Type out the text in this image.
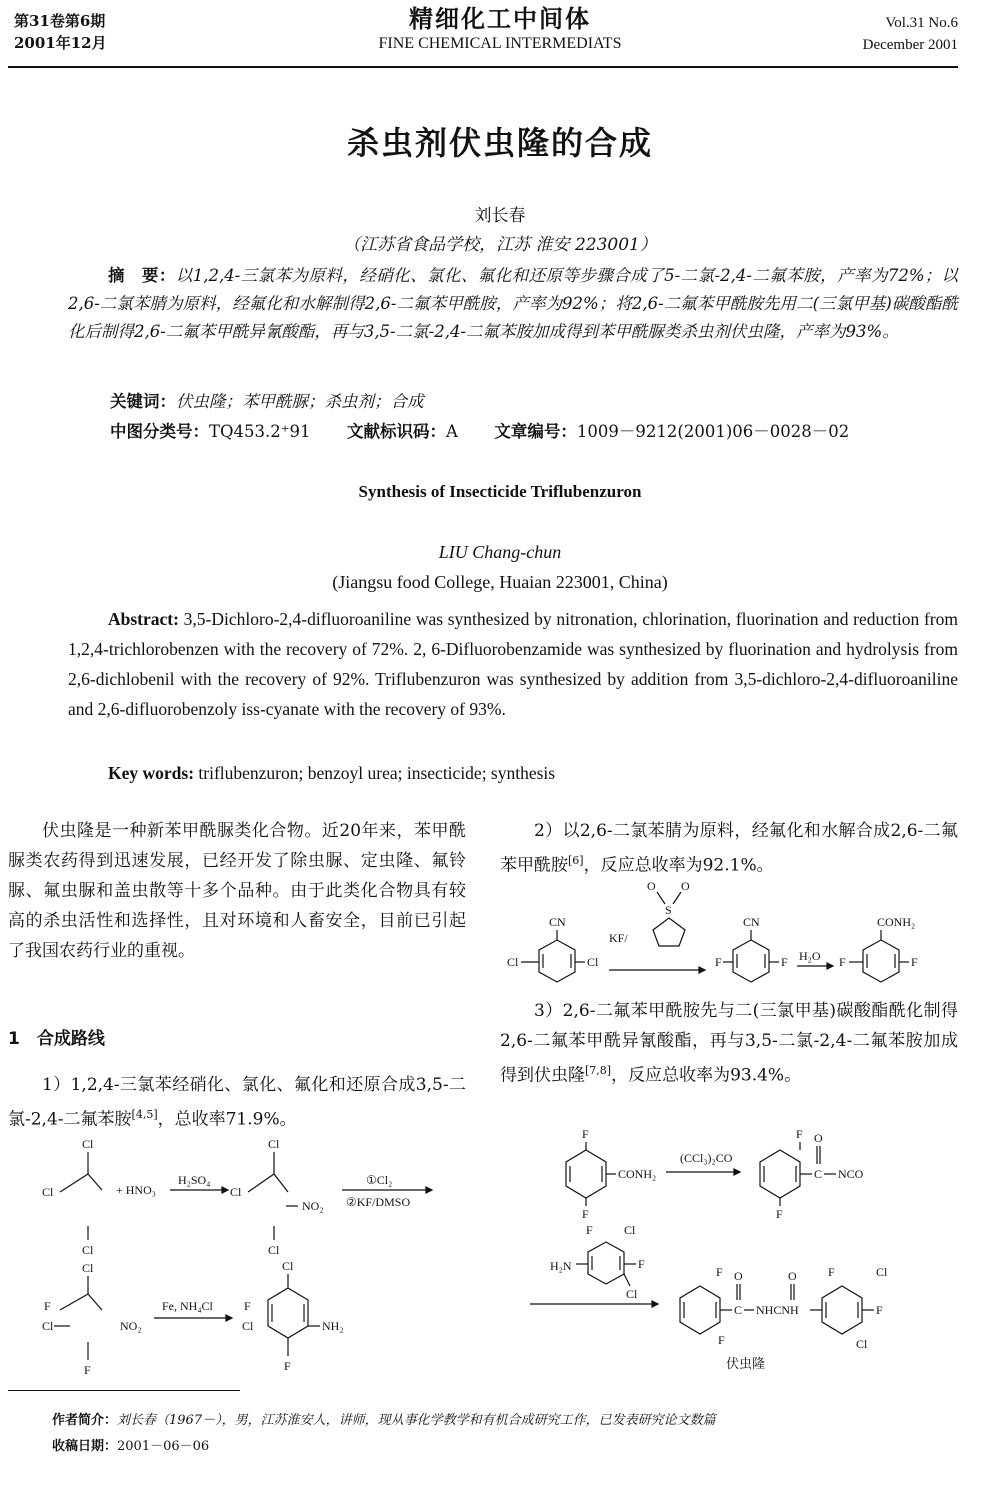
第31卷第6期
2001年12月
精细化工中间体
FINE CHEMICAL INTERMEDIATS
Vol.31 No.6
December 2001
杀虫剂伏虫隆的合成
刘长春
（江苏省食品学校，江苏 淮安 223001）
摘　要：以1,2,4-三氯苯为原料，经硝化、氯化、氟化和还原等步骤合成了5-二氯-2,4-二氟苯胺，产率为72%；以2,6-二氯苯腈为原料，经氟化和水解制得2,6-二氟苯甲酰胺，产率为92%；将2,6-二氟苯甲酰胺先用二(三氯甲基)碳酸酯酰化后制得2,6-二氟苯甲酰异氰酸酯，再与3,5-二氯-2,4-二氟苯胺加成得到苯甲酰脲类杀虫剂伏虫隆，产率为93%。
关键词：伏虫隆；苯甲酰脲；杀虫剂；合成
中图分类号：TQ453.2⁺91 文献标识码：A 文章编号：1009－9212(2001)06－0028－02
Synthesis of Insecticide Triflubenzuron
LIU Chang-chun
(Jiangsu food College, Huaian 223001, China)
Abstract: 3,5-Dichloro-2,4-difluoroaniline was synthesized by nitronation, chlorination, fluorination and reduction from 1,2,4-trichlorobenzen with the recovery of 72%. 2, 6-Difluorobenzamide was synthesized by fluorination and hydrolysis from 2,6-dichlobenil with the recovery of 92%. Triflubenzuron was synthesized by addition from 3,5-dichloro-2,4-difluoroaniline and 2,6-difluorobenzoly iss-cyanate with the recovery of 93%.
Key words: triflubenzuron; benzoyl urea; insecticide; synthesis

伏虫隆是一种新苯甲酰脲类化合物。近20年来，苯甲酰脲类农药得到迅速发展，已经开发了除虫脲、定虫隆、氟铃脲、氟虫脲和盖虫散等十多个品种。由于此类化合物具有较高的杀虫活性和选择性，且对环境和人畜安全，目前已引起了我国农药行业的重视。

1　合成路线

1）1,2,4-三氯苯经硝化、氯化、氟化和还原合成3,5-二氯-2,4-二氟苯胺[4,5]，总收率71.9%。

Cl
Cl
Cl
+ HNO₃
H₂SO₄
Cl
Cl
NO₂
Cl
①Cl₂
②KF/DMSO
Cl
F
Cl	NO₂
F
Fe, NH₄Cl
Cl
F
Cl	NH₂
F

2）以2,6-二氯苯腈为原料，经氟化和水解合成2,6-二氟苯甲酰胺[6]，反应总收率为92.1%。

CN
Cl	Cl
O O
S
KF/
CN
F	F H₂O
CONH₂
F	F

3）2,6-二氟苯甲酰胺先与二(三氯甲基)碳酸酯酰化制得2,6-二氟苯甲酰异氰酸酯，再与3,5-二氯-2,4-二氟苯胺加成得到伏虫隆[7,8]，反应总收率为93.4%。

F
CONH₂
F
(CCl₃)₂CO
F O
C NCO
F
F	Cl
H₂N	F
Cl
F O
C
O
NHCNH
F
F	Cl
F
Cl
伏虫隆
作者简介：刘长春（1967－），男，江苏淮安人，讲师，现从事化学教学和有机合成研究工作，已发表研究论文数篇
收稿日期：2001－06－06
